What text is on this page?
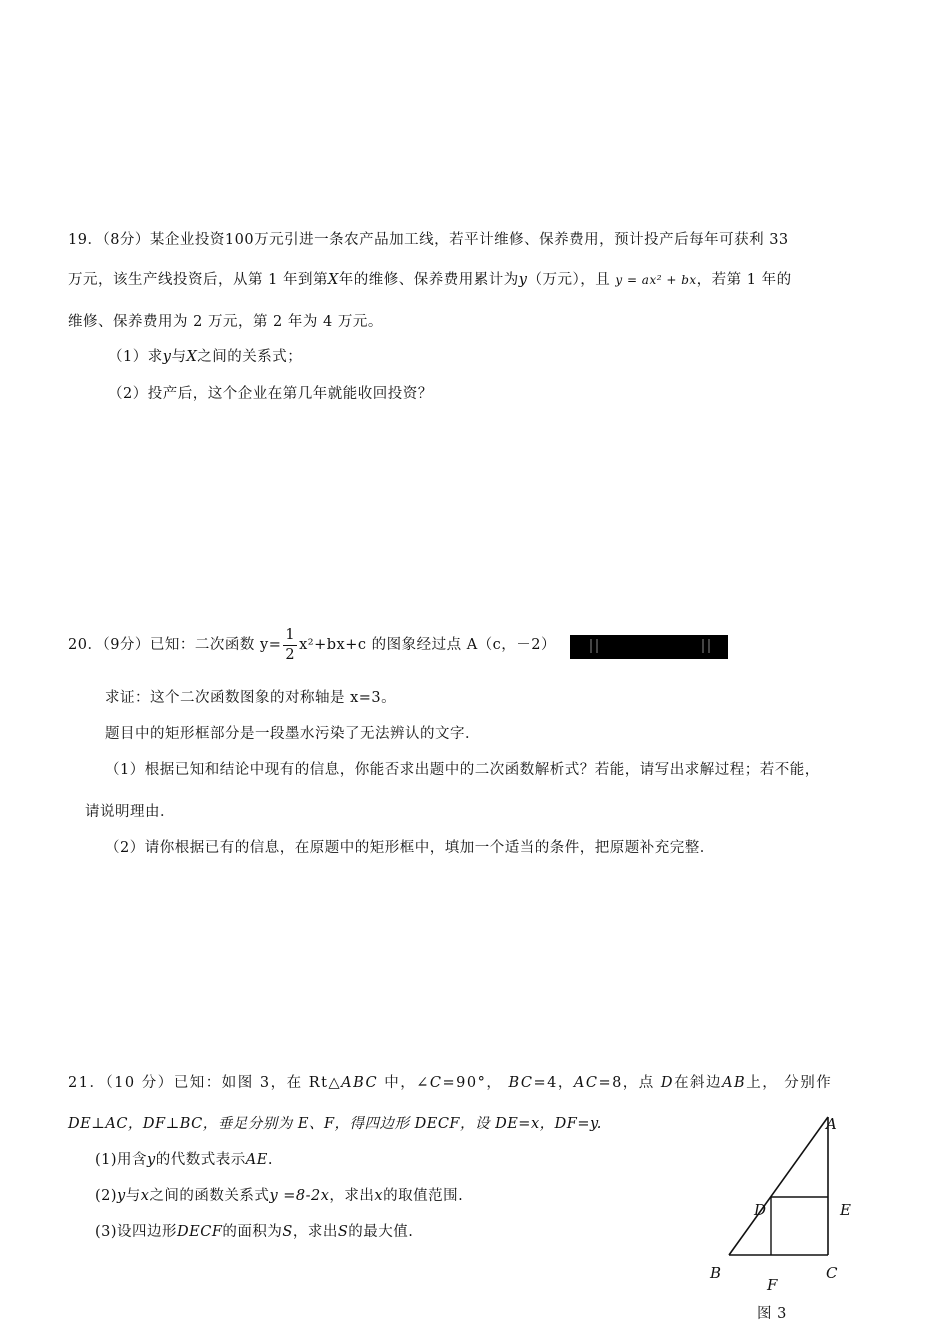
19．（8分）某企业投资100万元引进一条农产品加工线，若平计维修、保养费用，预计投产后每年可获利 33
万元，该生产线投资后，从第 1 年到第X年的维修、保养费用累计为y（万元），且 y = ax² + bx，若第 1 年的
维修、保养费用为 2 万元，第 2 年为 4 万元。
（1）求y与X之间的关系式；
（2）投产后，这个企业在第几年就能收回投资？
20．（9分）已知：二次函数 $y= \frac{1}{2} x^2+bx+c$ 的图象经过点 A（c，－2）
求证：这个二次函数图象的对称轴是 x=3。
题目中的矩形框部分是一段墨水污染了无法辨认的文字．
（1）根据已知和结论中现有的信息，你能否求出题中的二次函数解析式？若能，请写出求解过程；若不能，
请说明理由．
（2）请你根据已有的信息，在原题中的矩形框中，填加一个适当的条件，把原题补充完整．
21．（10 分）已知：如图 3，在 Rt△ABC 中，∠C=90°， BC=4，AC=8，点 D在斜边AB上， 分别作
DE⊥AC，DF⊥BC，垂足分别为 E、F，得四边形 DECF，设 DE=x，DF=y.
(1)用含y的代数式表示AE.
(2)y与x之间的函数关系式y =8-2x，求出x的取值范围.
(3)设四边形DECF的面积为S，求出S的最大值.
A
D	E
B	C
F
图 3
